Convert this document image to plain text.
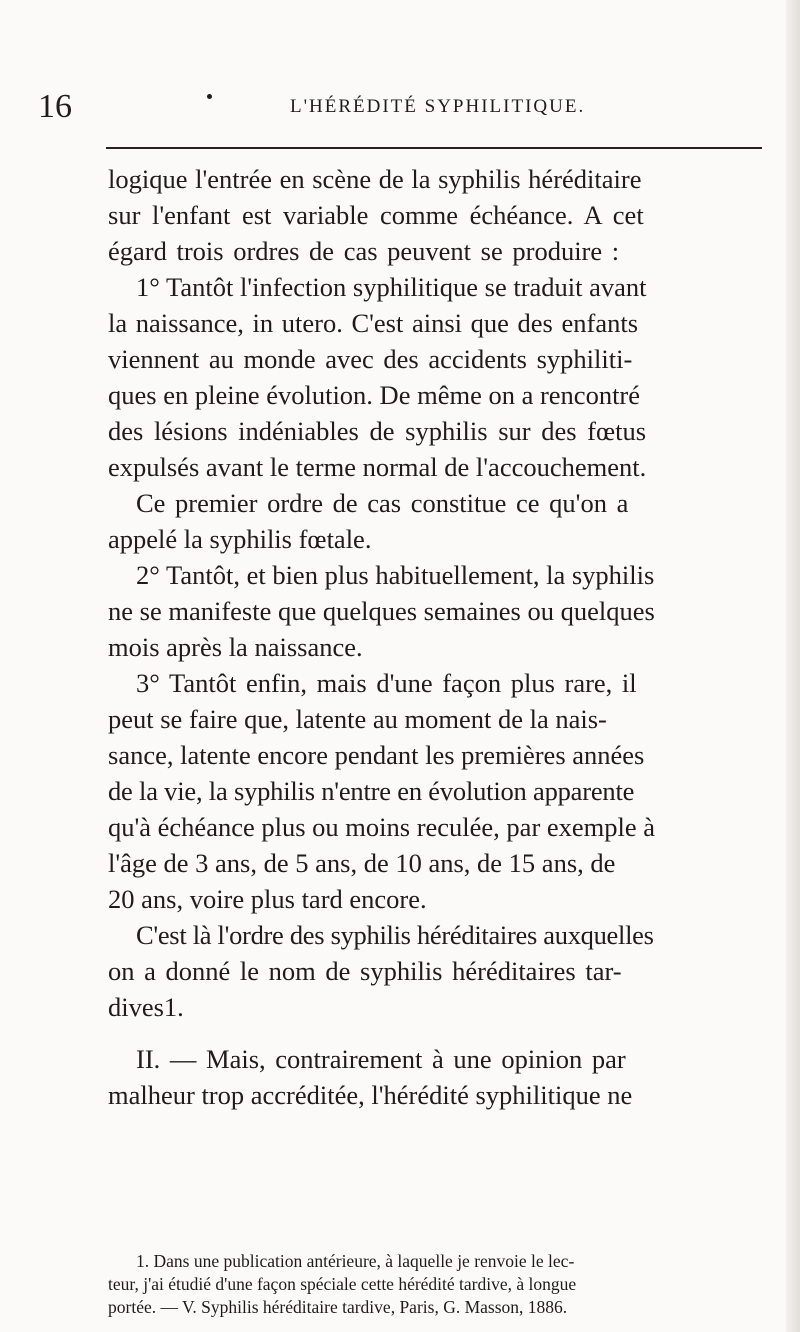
16	L'HÉRÉDITÉ SYPHILITIQUE.
logique l'entrée en scène de la syphilis héréditaire
sur l'enfant est variable comme échéance. A cet
égard trois ordres de cas peuvent se produire :
1° Tantôt l'infection syphilitique se traduit avant
la naissance, in utero. C'est ainsi que des enfants
viennent au monde avec des accidents syphiliti-
ques en pleine évolution. De même on a rencontré
des lésions indéniables de syphilis sur des fœtus
expulsés avant le terme normal de l'accouchement.
Ce premier ordre de cas constitue ce qu'on a
appelé la syphilis fœtale.
2° Tantôt, et bien plus habituellement, la syphilis
ne se manifeste que quelques semaines ou quelques
mois après la naissance.
3° Tantôt enfin, mais d'une façon plus rare, il
peut se faire que, latente au moment de la nais-
sance, latente encore pendant les premières années
de la vie, la syphilis n'entre en évolution apparente
qu'à échéance plus ou moins reculée, par exemple à
l'âge de 3 ans, de 5 ans, de 10 ans, de 15 ans, de
20 ans, voire plus tard encore.
C'est là l'ordre des syphilis héréditaires auxquelles
on a donné le nom de syphilis héréditaires tar-
dives1.
II. — Mais, contrairement à une opinion par
malheur trop accréditée, l'hérédité syphilitique ne
1. Dans une publication antérieure, à laquelle je renvoie le lec-
teur, j'ai étudié d'une façon spéciale cette hérédité tardive, à longue
portée. — V. Syphilis héréditaire tardive, Paris, G. Masson, 1886.
